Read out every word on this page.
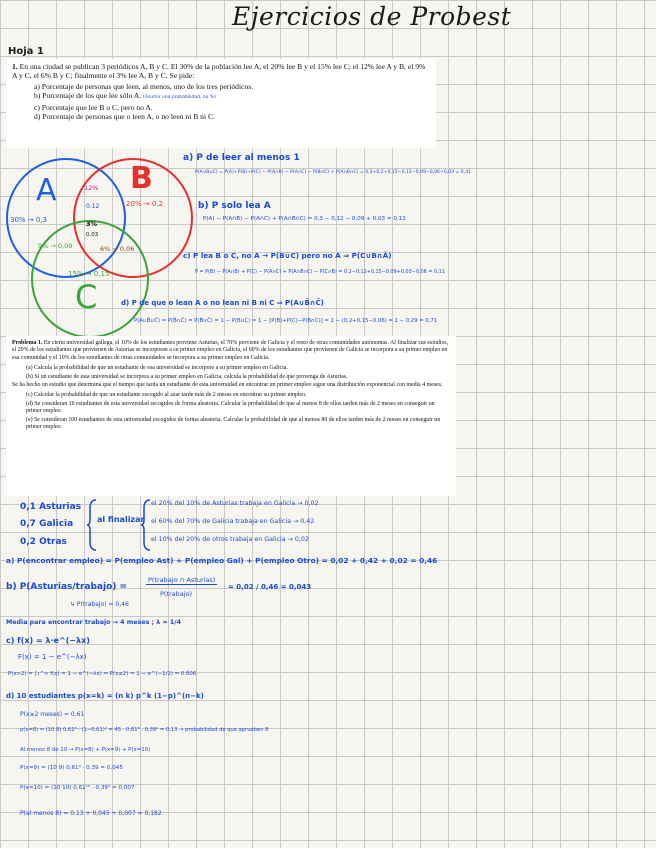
Ejercicios de Probest
Hoja 1
1. En una ciudad se publican 3 periódicos A, B y C. El 30% de la población lee A, el 20% lee B y el 15% lee C; el 12% lee A y B, el 9% A y C, el 6% B y C; finalmente el 3% lee A, B y C. Se pide:
a) Porcentaje de personas que leen, al menos, uno de los tres periódicos.
b) Porcentaje de los que lee sólo A. (Asumir una probabilidad, no %)
c) Porcentaje que lee B o C, pero no A.
d) Porcentaje de personas que o leen A, o no leen ni B ni C.
A B
C
12%
0.12
3%
0.03
30% → 0,3
20% → 0,2
9% → 0,09	6% → 0,06
15% → 0,15
a) P de leer al menos 1
P(A∪B∪C) = P(A)+P(B)+P(C) − P(A∩B) − P(A∩C) − P(B∩C) + P(A∩B∩C) = 0,3+0,2+0,15−0,12−0,09−0,06+0,03 = 0,41
b) P solo lea A
P(A) − P(A∩B) − P(A∩C) + P(A∩B∩C) = 0,3 − 0,12 − 0,09 + 0,03 = 0,12
c) P lea B o C, no A → P(B∪C) pero no A ⇒ P(C∪B∩Ā)
P = P(B) − P(A∩B) + P(C) − P(A∩C) + P(A∩B∩C) − P(C∩B) = 0,2−0,12+0,15−0,09+0,03−0,06 = 0,11
d) P de que o lean A o no lean ni B ni C ⇒ P(A∪B̄∩C̄)
P(A∪B̄∪C̄) = P(B̄∩C̄) = P(B̄∪C̄) = 1 − P(B∪C) = 1 − [P(B)+P(C)−P(B∩C)] = 1 − (0,2+0,15−0,06) = 1 − 0,29 = 0,71

Problema 1. En cierta universidad gallega, el 10% de los estudiantes proviene Asturias, el 70% proviene de Galicia y el resto de otras comunidades autónomas. Al finalizar sus estudios, el 20% de los estudiantes que provienen de Asturias se incorporan a su primer empleo en Galicia, el 60% de los estudiantes que provienen de Galicia se incorpora a su primer empleo en esa comunidad y el 10% de los estudiantes de otras comunidades se incorpora a su primer empleo en Galicia.

(a) Calcula la probabilidad de que un estudiante de esa universidad se incorpore a su primer empleo en Galicia.

(b) Si un estudiante de esta universidad se incorpora a su primer empleo en Galicia, calcula la probabilidad de que provenga de Asturias.

Se ha hecho un estudio que determina que el tiempo que tarda un estudiante de esta universidad en encontrar un primer empleo sigue una distribución exponencial con media 4 meses.

(c) Calcular la probabilidad de que un estudiante escogido al azar tarde más de 2 meses en encontrar su primer empleo.

(d) Se consideran 10 estudiantes de esta universidad escogidos de forma aleatoria. Calcular la probabilidad de que al menos 8 de ellos tarden más de 2 meses en conseguir un primer empleo.

(e) Se consideran 100 estudiantes de esta universidad escogidos de forma aleatoria. Calcular la probabilidad de que al menos 80 de ellos tarden más de 2 meses en conseguir un primer empleo.

0,1 Asturias
0,7 Galicia
0,2 Otras
al finalizar
el 20% del 10% de Asturias trabaja en Galicia → 0,02
el 60% del 70% de Galicia trabaja en Galicia → 0,42
el 10% del 20% de otros trabaja en Galicia → 0,02
a) P(encontrar empleo) = P(empleo Ast) + P(empleo Gal) + P(empleo Otro) = 0,02 + 0,42 + 0,02 = 0,46
b) P(Asturias/trabajo) =
P(trabajo ∩ Asturias)
P(trabajo)
= 0,02 / 0,46 = 0,043
↳ P(trabajo) = 0,46
Media para encontrar trabajo → 4 meses ; λ = 1/4
c) f(x) = λ·e^(−λx)
F(x) = 1 − e^(−λx)
P(x>2) = ∫₂^∞ f(x) = 1 − e^(−λx) = P(x≤2) = 1 − e^(−1/2) = 0,606
d) 10 estudiantes p(x=k) = (n k) p^k (1−p)^(n−k)
P(x≥2 meses) = 0,61
p(x=8) = (10 8) 0,61⁸ · (1−0,61)² = 45 · 0,61⁸ · 0,39² = 0,13 → probabilidad de que aprueben 8
Al menos 8 de 10 → P(x=8) + P(x=9) + P(x=10)
P(x=9) = (10 9) 0,61⁹ · 0,39 = 0,045
P(x=10) = (10 10) 0,61¹⁰ · 0,39⁰ = 0,007
P(al menos 8) = 0,13 + 0,045 + 0,007 = 0,182
